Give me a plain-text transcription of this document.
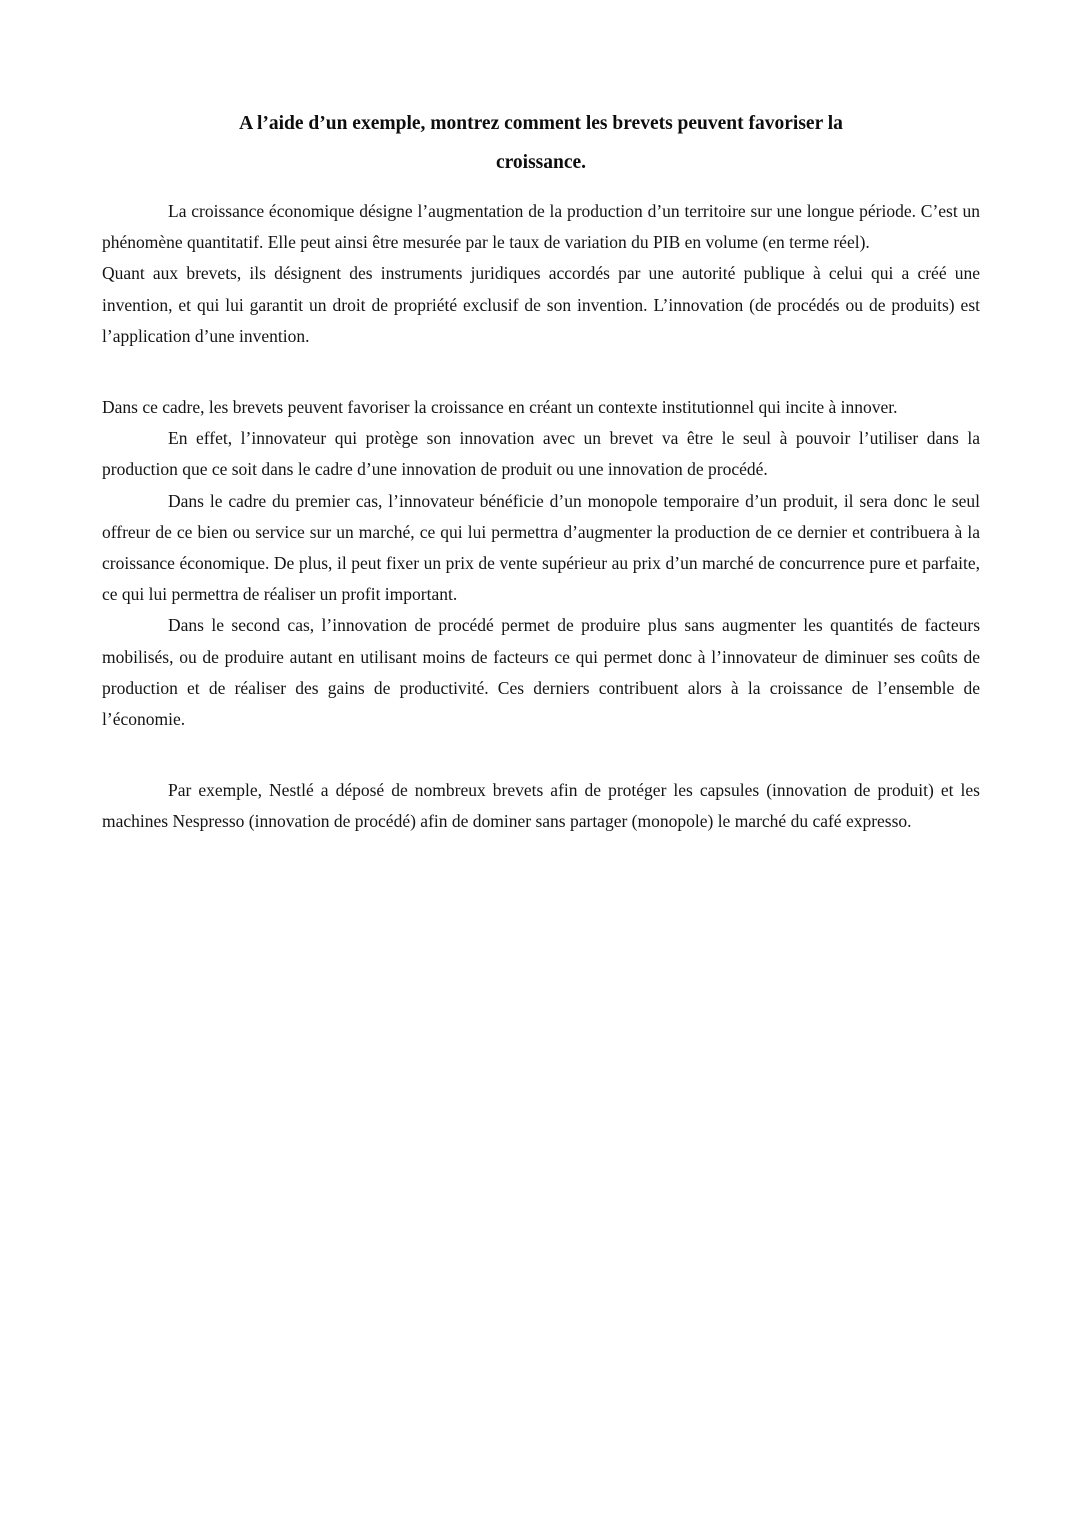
A l’aide d’un exemple, montrez comment les brevets peuvent favoriser la
croissance.

La croissance économique désigne l’augmentation de la production d’un territoire sur une longue période. C’est un phénomène quantitatif. Elle peut ainsi être mesurée par le taux de variation du PIB en volume (en terme réel).

Quant aux brevets, ils désignent des instruments juridiques accordés par une autorité publique à celui qui a créé une invention, et qui lui garantit un droit de propriété exclusif de son invention. L’innovation (de procédés ou de produits) est l’application d’une invention.

Dans ce cadre, les brevets peuvent favoriser la croissance en créant un contexte institutionnel qui incite à innover.

En effet, l’innovateur qui protège son innovation avec un brevet va être le seul à pouvoir l’utiliser dans la production que ce soit dans le cadre d’une innovation de produit ou une innovation de procédé.

Dans le cadre du premier cas, l’innovateur bénéficie d’un monopole temporaire d’un produit, il sera donc le seul offreur de ce bien ou service sur un marché, ce qui lui permettra d’augmenter la production de ce dernier et contribuera à la croissance économique. De plus, il peut fixer un prix de vente supérieur au prix d’un marché de concurrence pure et parfaite, ce qui lui permettra de réaliser un profit important.

Dans le second cas, l’innovation de procédé permet de produire plus sans augmenter les quantités de facteurs mobilisés, ou de produire autant en utilisant moins de facteurs ce qui permet donc à l’innovateur de diminuer ses coûts de production et de réaliser des gains de productivité. Ces derniers contribuent alors à la croissance de l’ensemble de l’économie.

Par exemple, Nestlé a déposé de nombreux brevets afin de protéger les capsules (innovation de produit) et les machines Nespresso (innovation de procédé) afin de dominer sans partager (monopole) le marché du café expresso.
